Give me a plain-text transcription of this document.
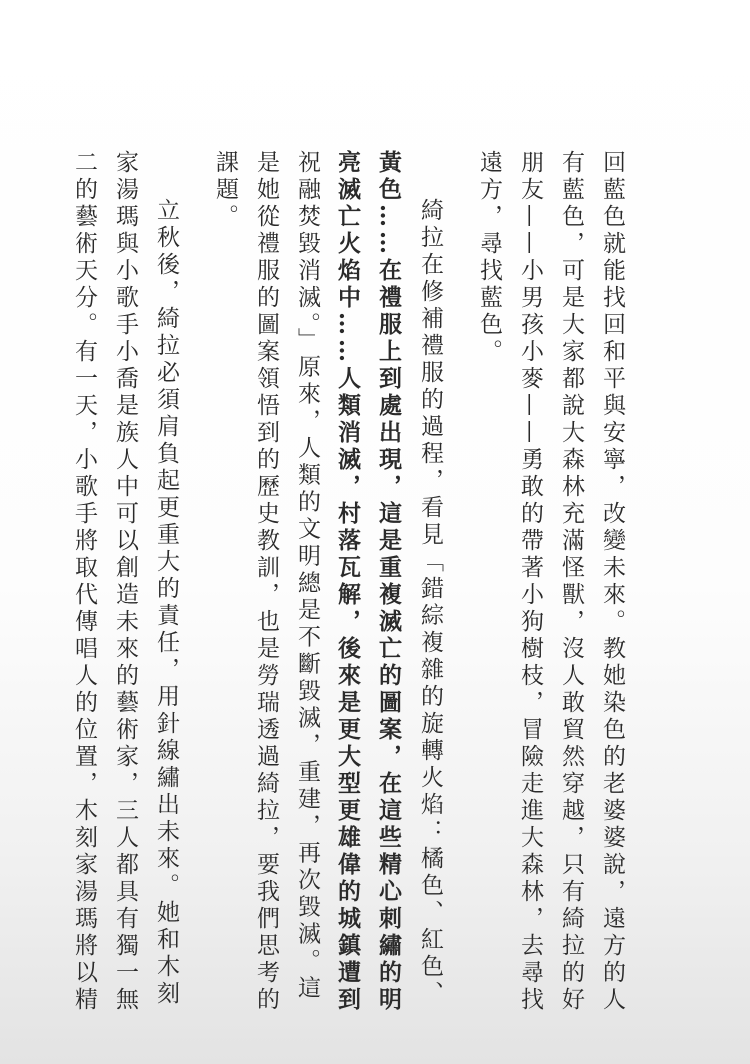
回藍色就能找回和平與安寧，改變未來。教她染色的老婆婆說，遠方的人
有藍色，可是大家都說大森林充滿怪獸，沒人敢貿然穿越，只有綺拉的好
朋友——小男孩小麥——勇敢的帶著小狗樹枝，冒險走進大森林，去尋找
遠方，尋找藍色。
綺拉在修補禮服的過程，看見「錯綜複雜的旋轉火焰：橘色、紅色、
黃色……在禮服上到處出現，這是重複滅亡的圖案，在這些精心刺繡的明
亮滅亡火焰中……人類消滅，村落瓦解，後來是更大型更雄偉的城鎮遭到
祝融焚毀消滅。」原來，人類的文明總是不斷毀滅，重建，再次毀滅。這
是她從禮服的圖案領悟到的歷史教訓，也是勞瑞透過綺拉，要我們思考的
課題。
立秋後，綺拉必須肩負起更重大的責任，用針線繡出未來。她和木刻
家湯瑪與小歌手小喬是族人中可以創造未來的藝術家，三人都具有獨一無
二的藝術天分。有一天，小歌手將取代傳唱人的位置，木刻家湯瑪將以精
